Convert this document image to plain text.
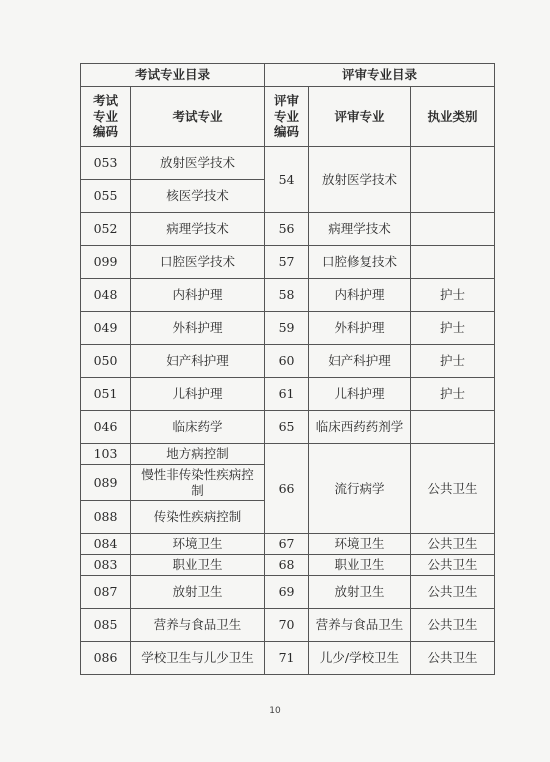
考试专业目录		评审专业目录		
考试专业编码	考试专业	评审专业编码	评审专业	执业类别
053	放射医学技术	54	放射医学技术	
055	核医学技术			
052	病理学技术	56	病理学技术	
099	口腔医学技术	57	口腔修复技术	
048	内科护理	58	内科护理	护士
049	外科护理	59	外科护理	护士
050	妇产科护理	60	妇产科护理	护士
051	儿科护理	61	儿科护理	护士
046	临床药学	65	临床西药药剂学	
103	地方病控制	66	流行病学	公共卫生
089	慢性非传染性疾病控制			
088	传染性疾病控制			
084	环境卫生	67	环境卫生	公共卫生
083	职业卫生	68	职业卫生	公共卫生
087	放射卫生	69	放射卫生	公共卫生
085	营养与食品卫生	70	营养与食品卫生	公共卫生
086	学校卫生与儿少卫生	71	儿少/学校卫生	公共卫生
10
